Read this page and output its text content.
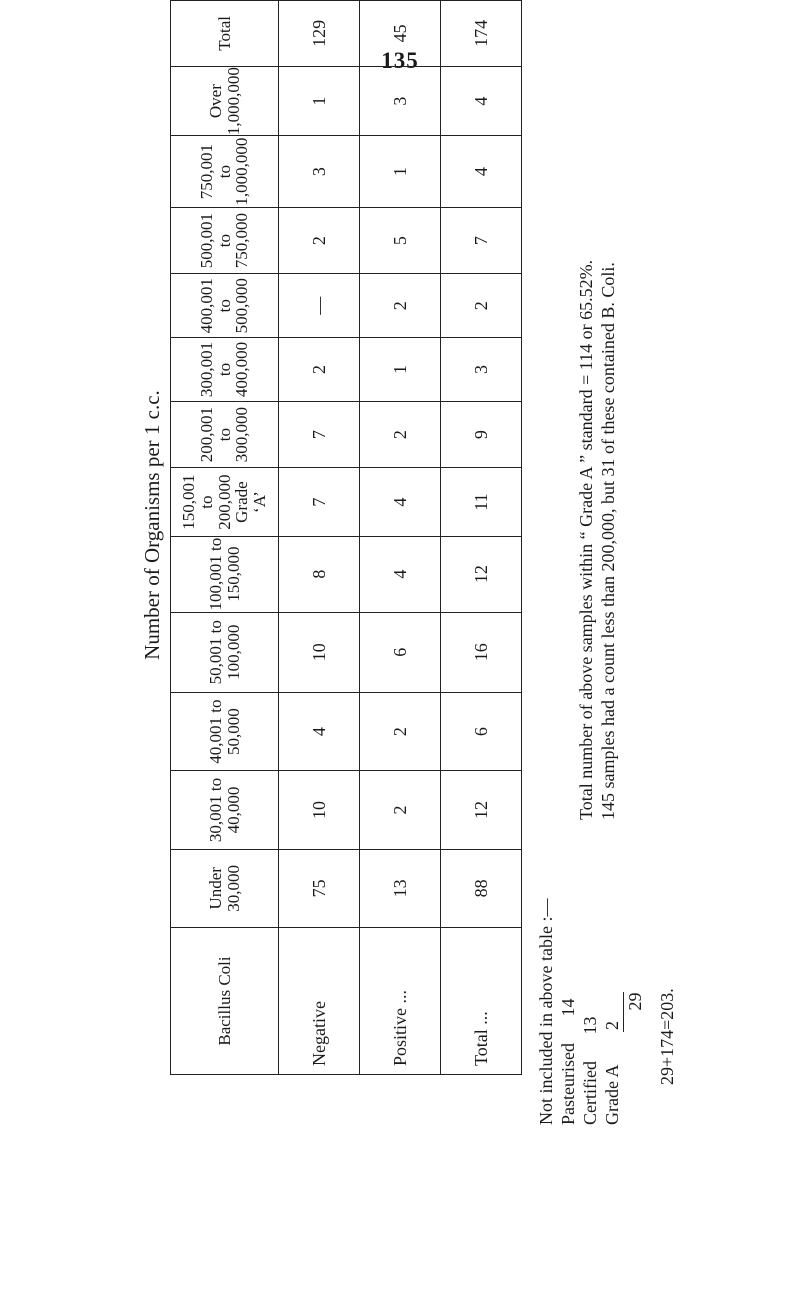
135
Number of Organisms per 1 c.c.
Bacillus Coli	Under 30,000	30,001 to 40,000	40,001 to 50,000	50,001 to 100,000	100,001 to 150,000	150,001 to 200,000 Grade ‘A’	200,001 to 300,000	300,001 to 400,000	400,001 to 500,000	500,001 to 750,000	750,001 to 1,000,000	Over 1,000,000	Total
Negative	75	10	4	10	8	7	7	2	—	2	3	1	129
Positive ...	13	2	2	6	4	4	2	1	2	5	1	3	45
Total ...	88	12	6	16	12	11	9	3	2	7	4	4	174
Not included in above table :— Pasteurised 14
Certified 13
Grade A 2
29 29+174=203.
Total number of above samples within “ Grade A ” standard = 114 or 65.52%. 145 samples had a count less than 200,000, but 31 of these contained B. Coli.
